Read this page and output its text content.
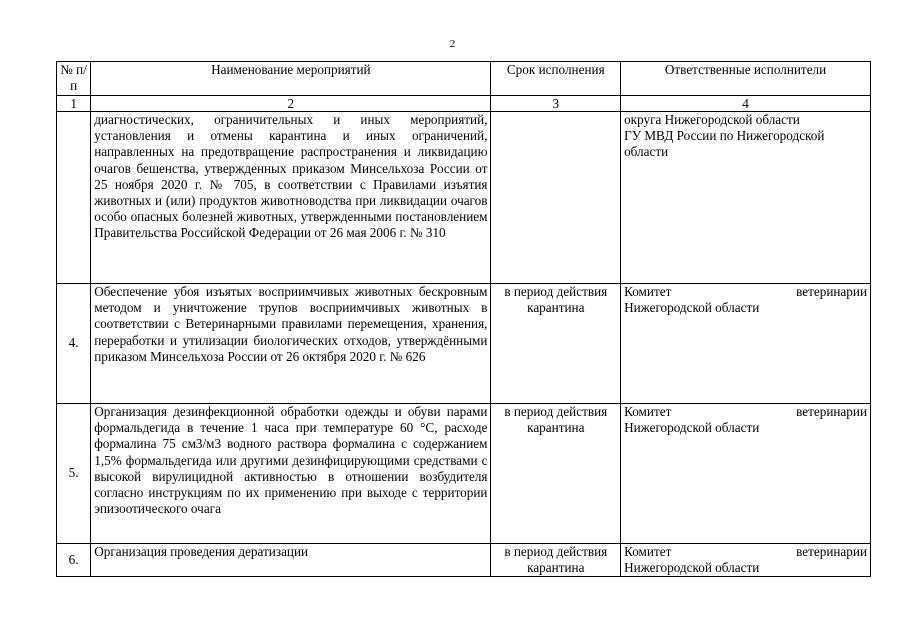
2
№ п/п	Наименование мероприятий	Срок исполнения	Ответственные исполнители
1	2	3	4
	диагностических, ограничительных и иных мероприятий, установления и отмены карантина и иных ограничений, направленных на предотвращение распространения и ликвидацию очагов бешенства, утвержденных приказом Минсельхоза России от 25 ноября 2020 г. № 705, в соответствии с Правилами изъятия животных и (или) продуктов животноводства при ликвидации очагов особо опасных болезней животных, утвержденными постановлением Правительства Российской Федерации от 26 мая 2006 г. № 310		округа Нижегородской области
ГУ МВД России по Нижегородской области

4.	Обеспечение убоя изъятых восприимчивых животных бескровным методом и уничтожение трупов восприимчивых животных в соответствии с Ветеринарными правилами перемещения, хранения, переработки и утилизации биологических отходов, утверждёнными приказом Минсельхоза России от 26 октября 2020 г. № 626	в период действия карантина	Комитет ветеринарии
Нижегородской области

5.	Организация дезинфекционной обработки одежды и обуви парами формальдегида в течение 1 часа при температуре 60 °С, расходе формалина 75 см3/м3 водного раствора формалина с содержанием 1,5% формальдегида или другими дезинфицирующими средствами с высокой вирулицидной активностью в отношении возбудителя согласно инструкциям по их применению при выходе с территории эпизоотического очага	в период действия карантина	Комитет ветеринарии
Нижегородской области

6.	Организация проведения дератизации	в период действия карантина	Комитет ветеринарии
Нижегородской области
